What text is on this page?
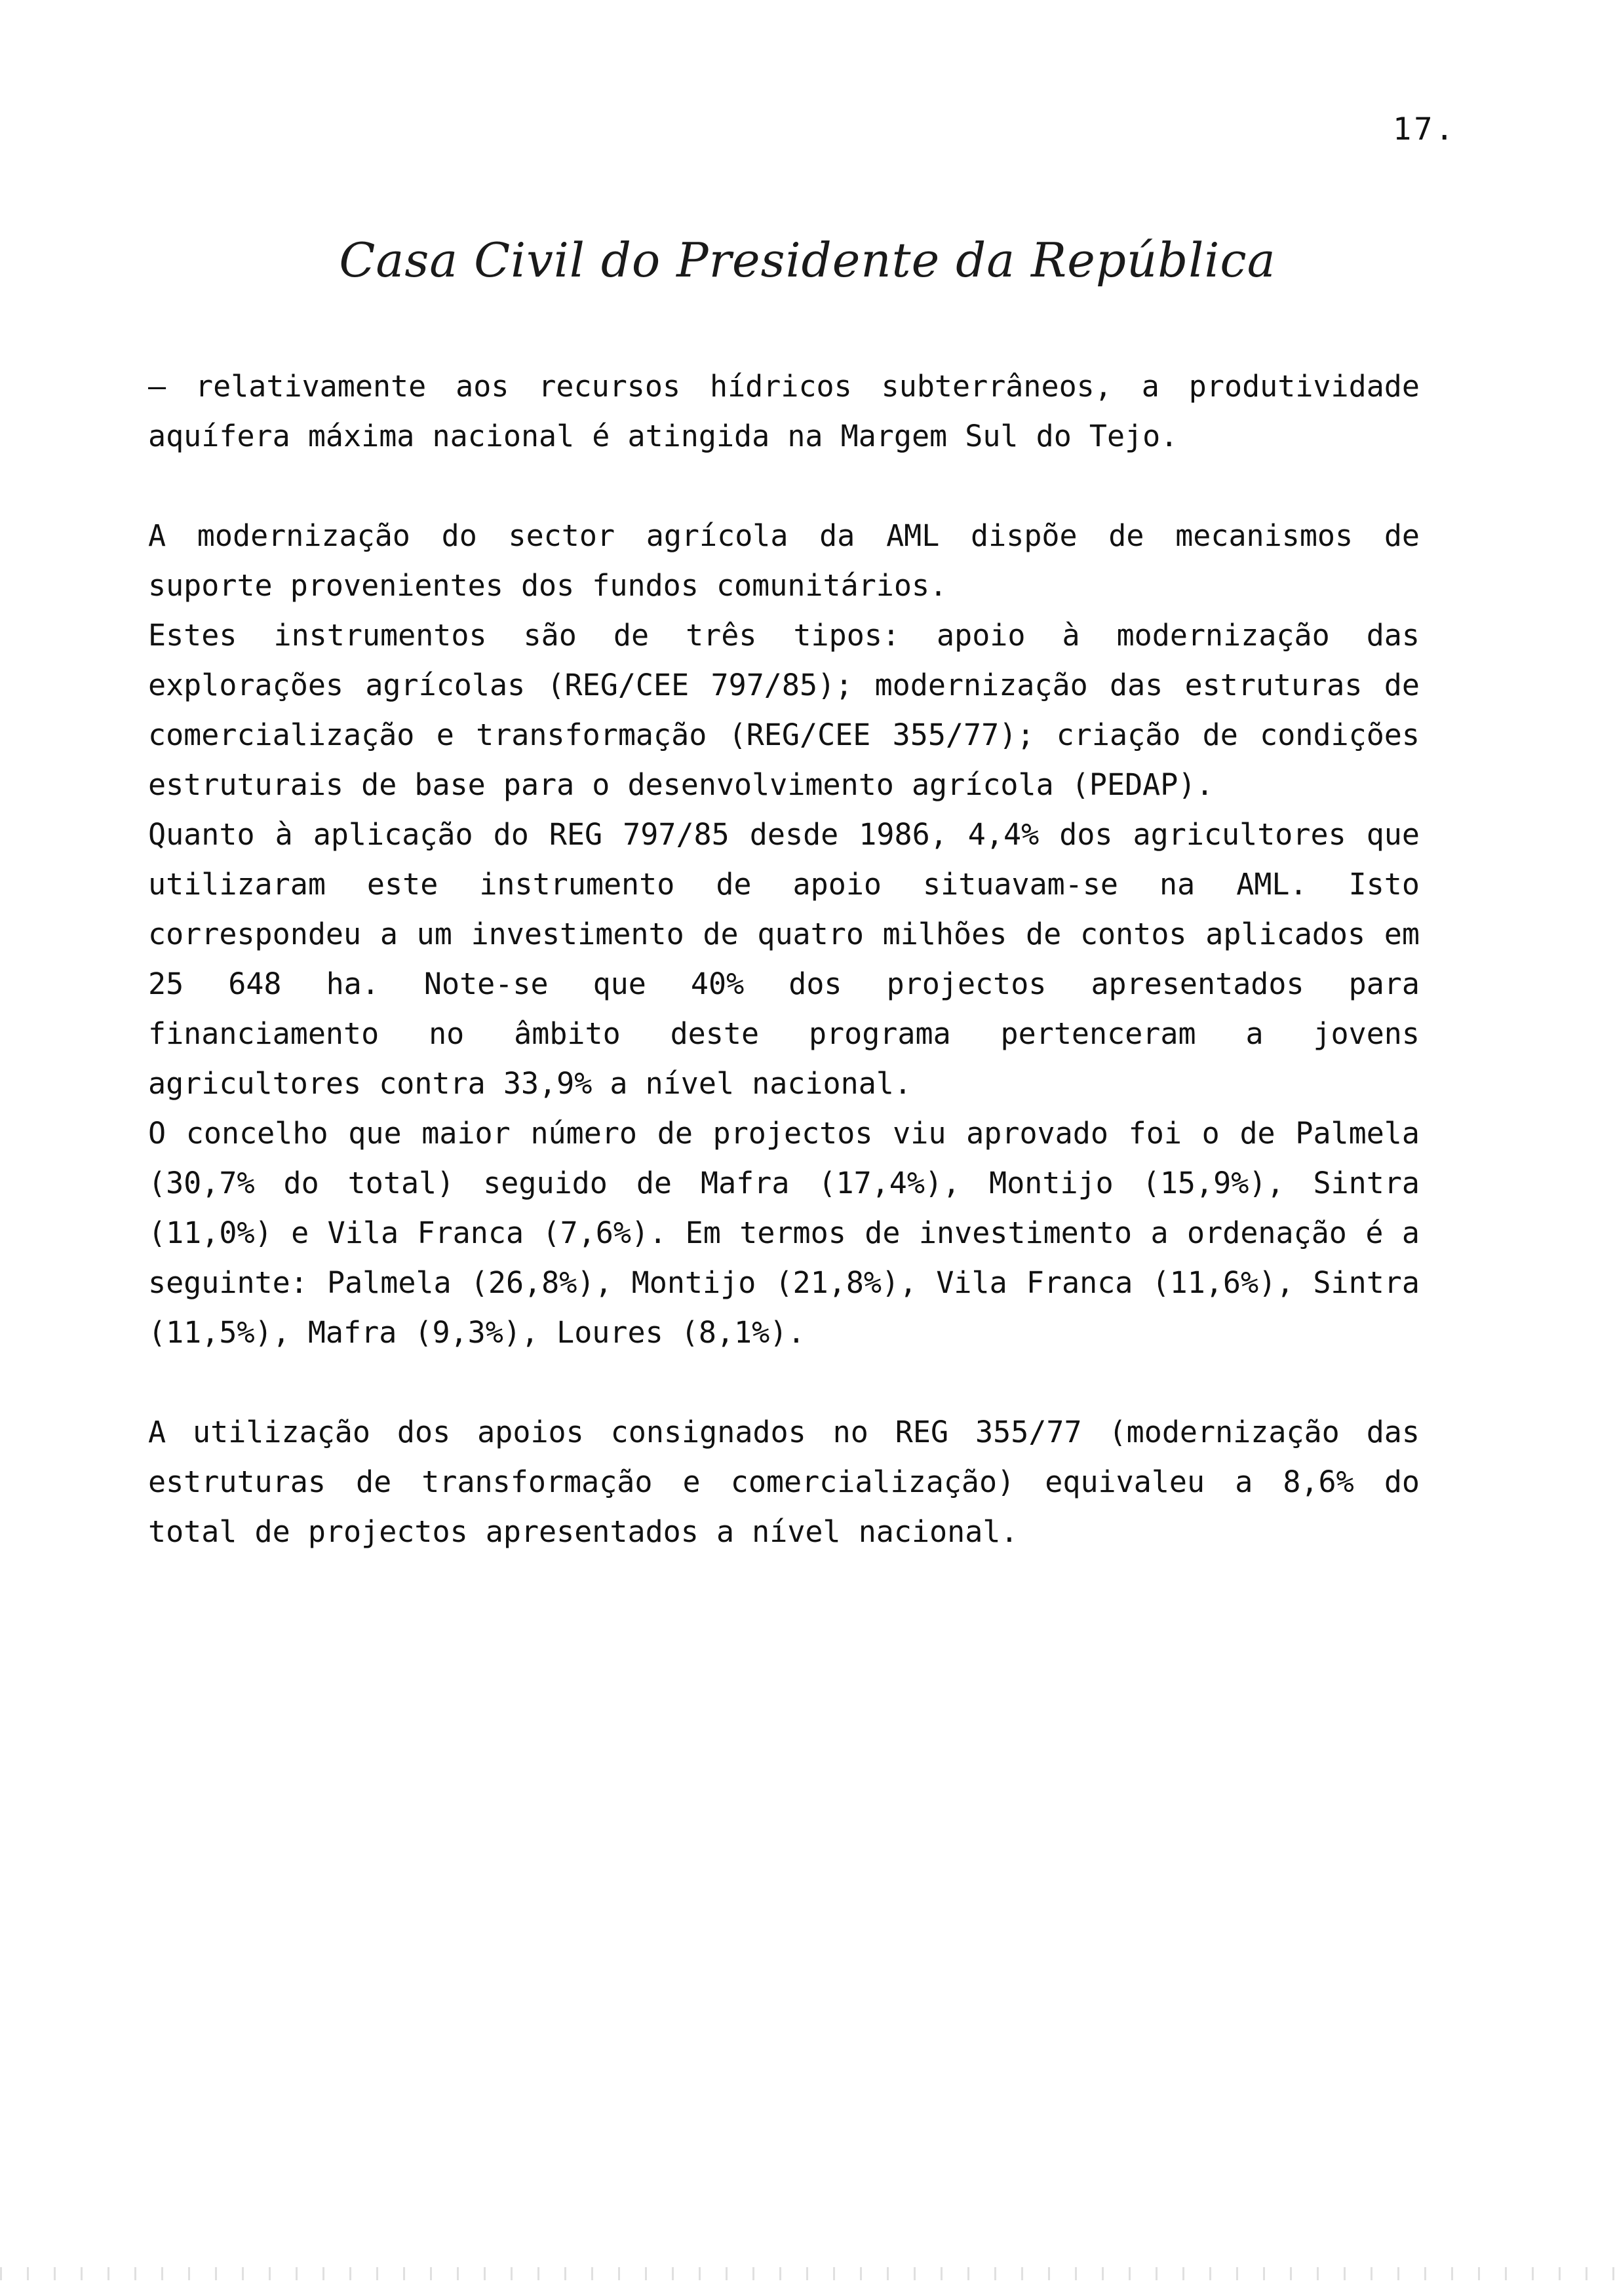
17.
Casa Civil do Presidente da República

– relativamente aos recursos hídricos subterrâneos, a produtividade aquífera máxima nacional é atingida na Margem Sul do Tejo.

A modernização do sector agrícola da AML dispõe de mecanismos de suporte provenientes dos fundos comunitários.

Estes instrumentos são de três tipos: apoio à modernização das explorações agrícolas (REG/CEE 797/85); modernização das estruturas de comercialização e transformação (REG/CEE 355/77); criação de condições estruturais de base para o desenvolvimento agrícola (PEDAP).

Quanto à aplicação do REG 797/85 desde 1986, 4,4% dos agricultores que utilizaram este instrumento de apoio situavam-se na AML. Isto correspondeu a um investimento de quatro milhões de contos aplicados em 25 648 ha. Note-se que 40% dos projectos apresentados para financiamento no âmbito deste programa pertenceram a jovens agricultores contra 33,9% a nível nacional.

O concelho que maior número de projectos viu aprovado foi o de Palmela (30,7% do total) seguido de Mafra (17,4%), Montijo (15,9%), Sintra (11,0%) e Vila Franca (7,6%). Em termos de investimento a ordenação é a seguinte: Palmela (26,8%), Montijo (21,8%), Vila Franca (11,6%), Sintra (11,5%), Mafra (9,3%), Loures (8,1%).

A utilização dos apoios consignados no REG 355/77 (modernização das estruturas de transformação e comercialização) equivaleu a 8,6% do total de projectos apresentados a nível nacional.
